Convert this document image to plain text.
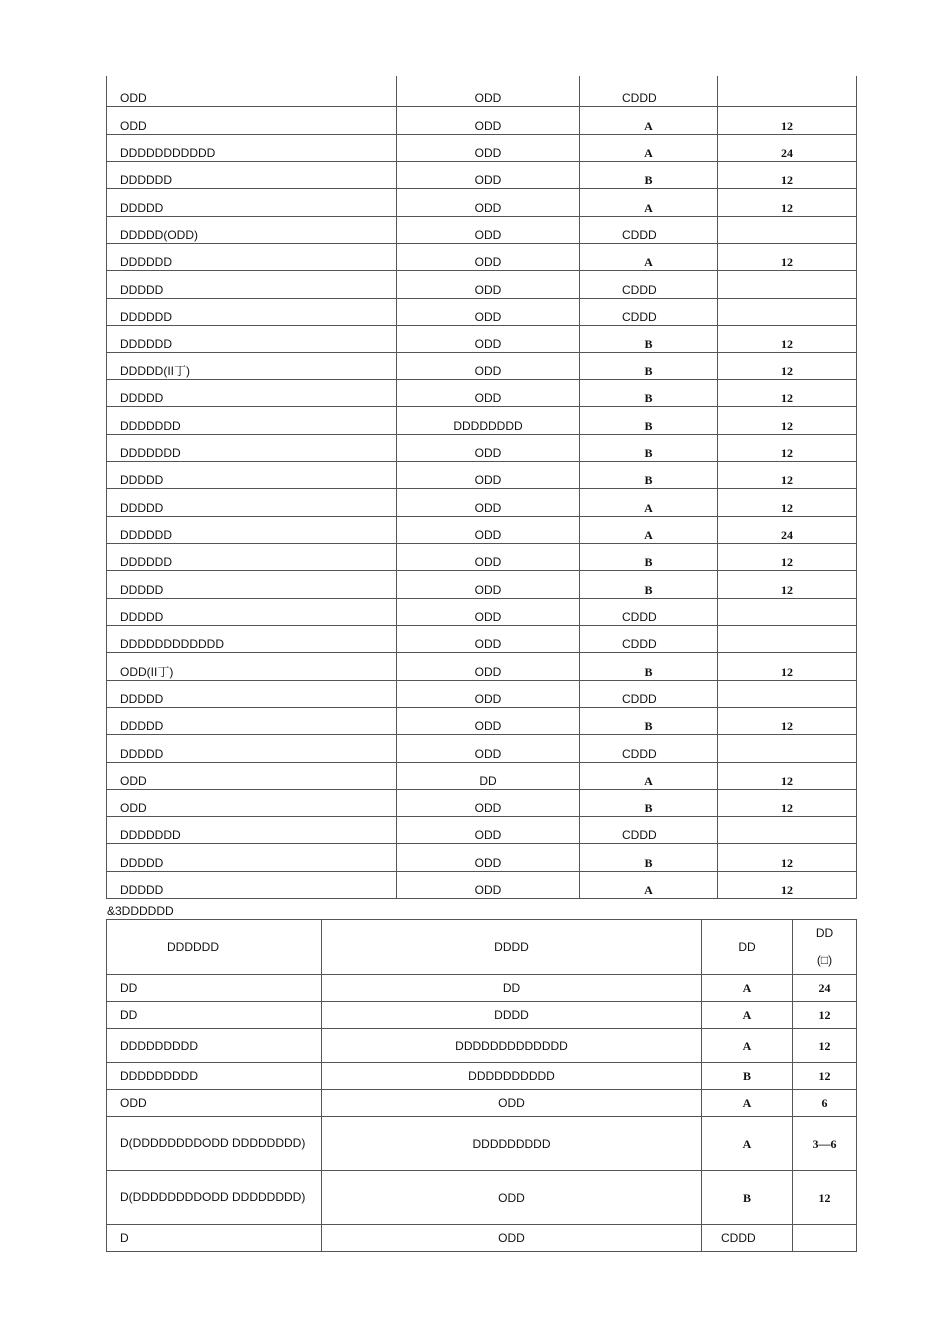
ODD	ODD	CDDD	
ODD	ODD	A	12
DDDDDDDDDDD	ODD	A	24
DDDDDD	ODD	B	12
DDDDD	ODD	A	12
DDDDD(ODD)	ODD	CDDD	
DDDDDD	ODD	A	12
DDDDD	ODD	CDDD	
DDDDDD	ODD	CDDD	
DDDDDD	ODD	B	12
DDDDD(II丁)	ODD	B	12
DDDDD	ODD	B	12
DDDDDDD	DDDDDDDD	B	12
DDDDDDD	ODD	B	12
DDDDD	ODD	B	12
DDDDD	ODD	A	12
DDDDDD	ODD	A	24
DDDDDD	ODD	B	12
DDDDD	ODD	B	12
DDDDD	ODD	CDDD	
DDDDDDDDDDDD	ODD	CDDD	
ODD(II丁)	ODD	B	12
DDDDD	ODD	CDDD	
DDDDD	ODD	B	12
DDDDD	ODD	CDDD	
ODD	DD	A	12
ODD	ODD	B	12
DDDDDDD	ODD	CDDD	
DDDDD	ODD	B	12
DDDDD	ODD	A	12
&3DDDDDD
DDDDDD	DDDD	DD	DD
(□)
DD	DD	A	24
DD	DDDD	A	12
DDDDDDDDD	DDDDDDDDDDDDD	A	12
DDDDDDDDD	DDDDDDDDDD	B	12
ODD	ODD	A	6
D(DDDDDDDDODD DDDDDDDD)	DDDDDDDDD	A	3—6
D(DDDDDDDDODD DDDDDDDD)	ODD	B	12
D	ODD	CDDD	
